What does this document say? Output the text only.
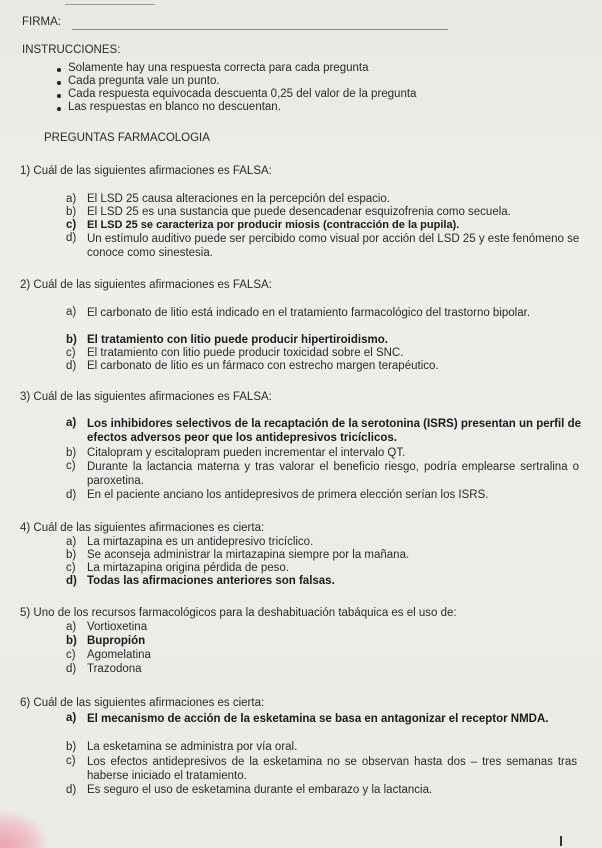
FIRMA:
INSTRUCCIONES:
Solamente hay una respuesta correcta para cada pregunta
Cada pregunta vale un punto.
Cada respuesta equivocada descuenta 0,25 del valor de la pregunta
Las respuestas en blanco no descuentan.
PREGUNTAS FARMACOLOGIA
1) Cuál de las siguientes afirmaciones es FALSA:
a) El LSD 25 causa alteraciones en la percepción del espacio.
b) El LSD 25 es una sustancia que puede desencadenar esquizofrenia como secuela.
c) El LSD 25 se caracteriza por producir miosis (contracción de la pupila).
d) Un estímulo auditivo puede ser percibido como visual por acción del LSD 25 y este fenómeno se conoce como sinestesia.
2) Cuál de las siguientes afirmaciones es FALSA:
a) El carbonato de litio está indicado en el tratamiento farmacológico del trastorno bipolar.
b) El tratamiento con litio puede producir hipertiroidismo.
c) El tratamiento con litio puede producir toxicidad sobre el SNC.
d) El carbonato de litio es un fármaco con estrecho margen terapéutico.
3) Cuál de las siguientes afirmaciones es FALSA:
a) Los inhibidores selectivos de la recaptación de la serotonina (ISRS) presentan un perfil de efectos adversos peor que los antidepresivos tricíclicos.
b) Citalopram y escitalopram pueden incrementar el intervalo QT.
c) Durante la lactancia materna y tras valorar el beneficio riesgo, podría emplearse sertralina o paroxetina.
d) En el paciente anciano los antidepresivos de primera elección serían los ISRS.
4) Cuál de las siguientes afirmaciones es cierta:
a) La mirtazapina es un antidepresivo tricíclico.
b) Se aconseja administrar la mirtazapina siempre por la mañana.
c) La mirtazapina origina pérdida de peso.
d) Todas las afirmaciones anteriores son falsas.
5) Uno de los recursos farmacológicos para la deshabituación tabáquica es el uso de:
a) Vortioxetina
b) Bupropión
c) Agomelatina
d) Trazodona
6) Cuál de las siguientes afirmaciones es cierta:
a) El mecanismo de acción de la esketamina se basa en antagonizar el receptor NMDA.
b) La esketamina se administra por vía oral.
c) Los efectos antidepresivos de la esketamina no se observan hasta dos – tres semanas tras haberse iniciado el tratamiento.
d) Es seguro el uso de esketamina durante el embarazo y la lactancia.
